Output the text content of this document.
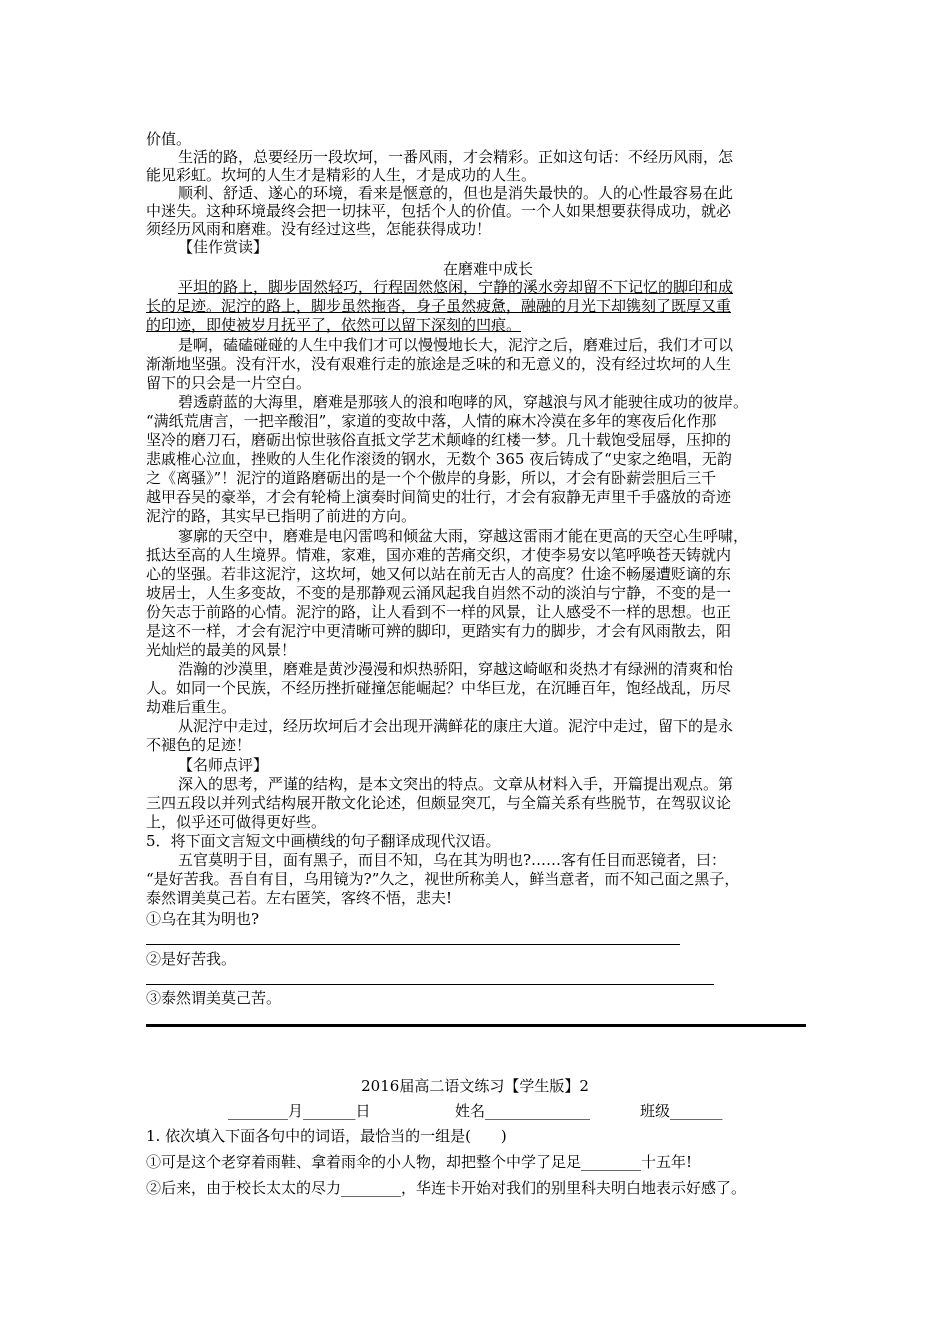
价值。
生活的路，总要经历一段坎坷，一番风雨，才会精彩。正如这句话：不经历风雨，怎
能见彩虹。坎坷的人生才是精彩的人生，才是成功的人生。
顺利、舒适、遂心的环境，看来是惬意的，但也是消失最快的。人的心性最容易在此
中迷失。这种环境最终会把一切抹平，包括个人的价值。一个人如果想要获得成功，就必
须经历风雨和磨难。没有经过这些，怎能获得成功！
【佳作赏读】
在磨难中成长
平坦的路上，脚步固然轻巧，行程固然悠闲，宁静的溪水旁却留不下记忆的脚印和成
长的足迹。泥泞的路上，脚步虽然拖沓，身子虽然疲惫，融融的月光下却镌刻了既厚又重
的印迹，即使被岁月抚平了，依然可以留下深刻的凹痕。
是啊，磕磕碰碰的人生中我们才可以慢慢地长大，泥泞之后，磨难过后，我们才可以
渐渐地坚强。没有汗水，没有艰难行走的旅途是乏味的和无意义的，没有经过坎坷的人生
留下的只会是一片空白。
碧透蔚蓝的大海里，磨难是那骇人的浪和咆哮的风，穿越浪与风才能驶往成功的彼岸。
“满纸荒唐言，一把辛酸泪”，家道的变故中落，人情的麻木冷漠在多年的寒夜后化作那
坚冷的磨刀石，磨砺出惊世骇俗直抵文学艺术颠峰的红楼一梦。几十载饱受屈辱，压抑的
悲戚椎心泣血，挫败的人生化作滚烫的钢水，无数个 365 夜后铸成了“史家之绝唱，无韵
之《离骚》”！泥泞的道路磨砺出的是一个个傲岸的身影，所以，才会有卧薪尝胆后三千
越甲吞吴的豪举，才会有轮椅上演奏时间简史的壮行，才会有寂静无声里千手盛放的奇迹
泥泞的路，其实早已指明了前进的方向。
寥廓的天空中，磨难是电闪雷鸣和倾盆大雨，穿越这雷雨才能在更高的天空心生呼啸，
抵达至高的人生境界。情难，家难，国亦难的苦痛交织，才使李易安以笔呼唤苍天铸就内
心的坚强。若非这泥泞，这坎坷，她又何以站在前无古人的高度？仕途不畅屡遭贬谪的东
坡居士，人生多变故，不变的是那静观云涌风起我自岿然不动的淡泊与宁静，不变的是一
份矢志于前路的心情。泥泞的路，让人看到不一样的风景，让人感受不一样的思想。也正
是这不一样，才会有泥泞中更清晰可辨的脚印，更踏实有力的脚步，才会有风雨散去，阳
光灿烂的最美的风景！
浩瀚的沙漠里，磨难是黄沙漫漫和炽热骄阳，穿越这崎岖和炎热才有绿洲的清爽和怡
人。如同一个民族，不经历挫折碰撞怎能崛起？中华巨龙，在沉睡百年，饱经战乱，历尽
劫难后重生。
从泥泞中走过，经历坎坷后才会出现开满鲜花的康庄大道。泥泞中走过，留下的是永
不褪色的足迹！
【名师点评】
深入的思考，严谨的结构，是本文突出的特点。文章从材料入手，开篇提出观点。第
三四五段以并列式结构展开散文化论述，但颇显突兀，与全篇关系有些脱节，在驾驭议论
上，似乎还可做得更好些。
5．将下面文言短文中画横线的句子翻译成现代汉语。
五官莫明于目，面有黑子，而目不知，乌在其为明也?……客有任目而恶镜者，曰：
“是好苦我。吾自有目，乌用镜为?”久之，视世所称美人，鲜当意者，而不知己面之黑子，
泰然谓美莫己若。左右匿笑，客终不悟，悲夫!
①乌在其为明也?
②是好苦我。
③泰然谓美莫己苦。
2016届高二语文练习【学生版】2
________月_______日	姓名______________	班级_______
1. 依次填入下面各句中的词语，最恰当的一组是(　　)
①可是这个老穿着雨鞋、拿着雨伞的小人物，却把整个中学了足足________十五年!
②后来，由于校长太太的尽力________，华连卡开始对我们的别里科夫明白地表示好感了。
